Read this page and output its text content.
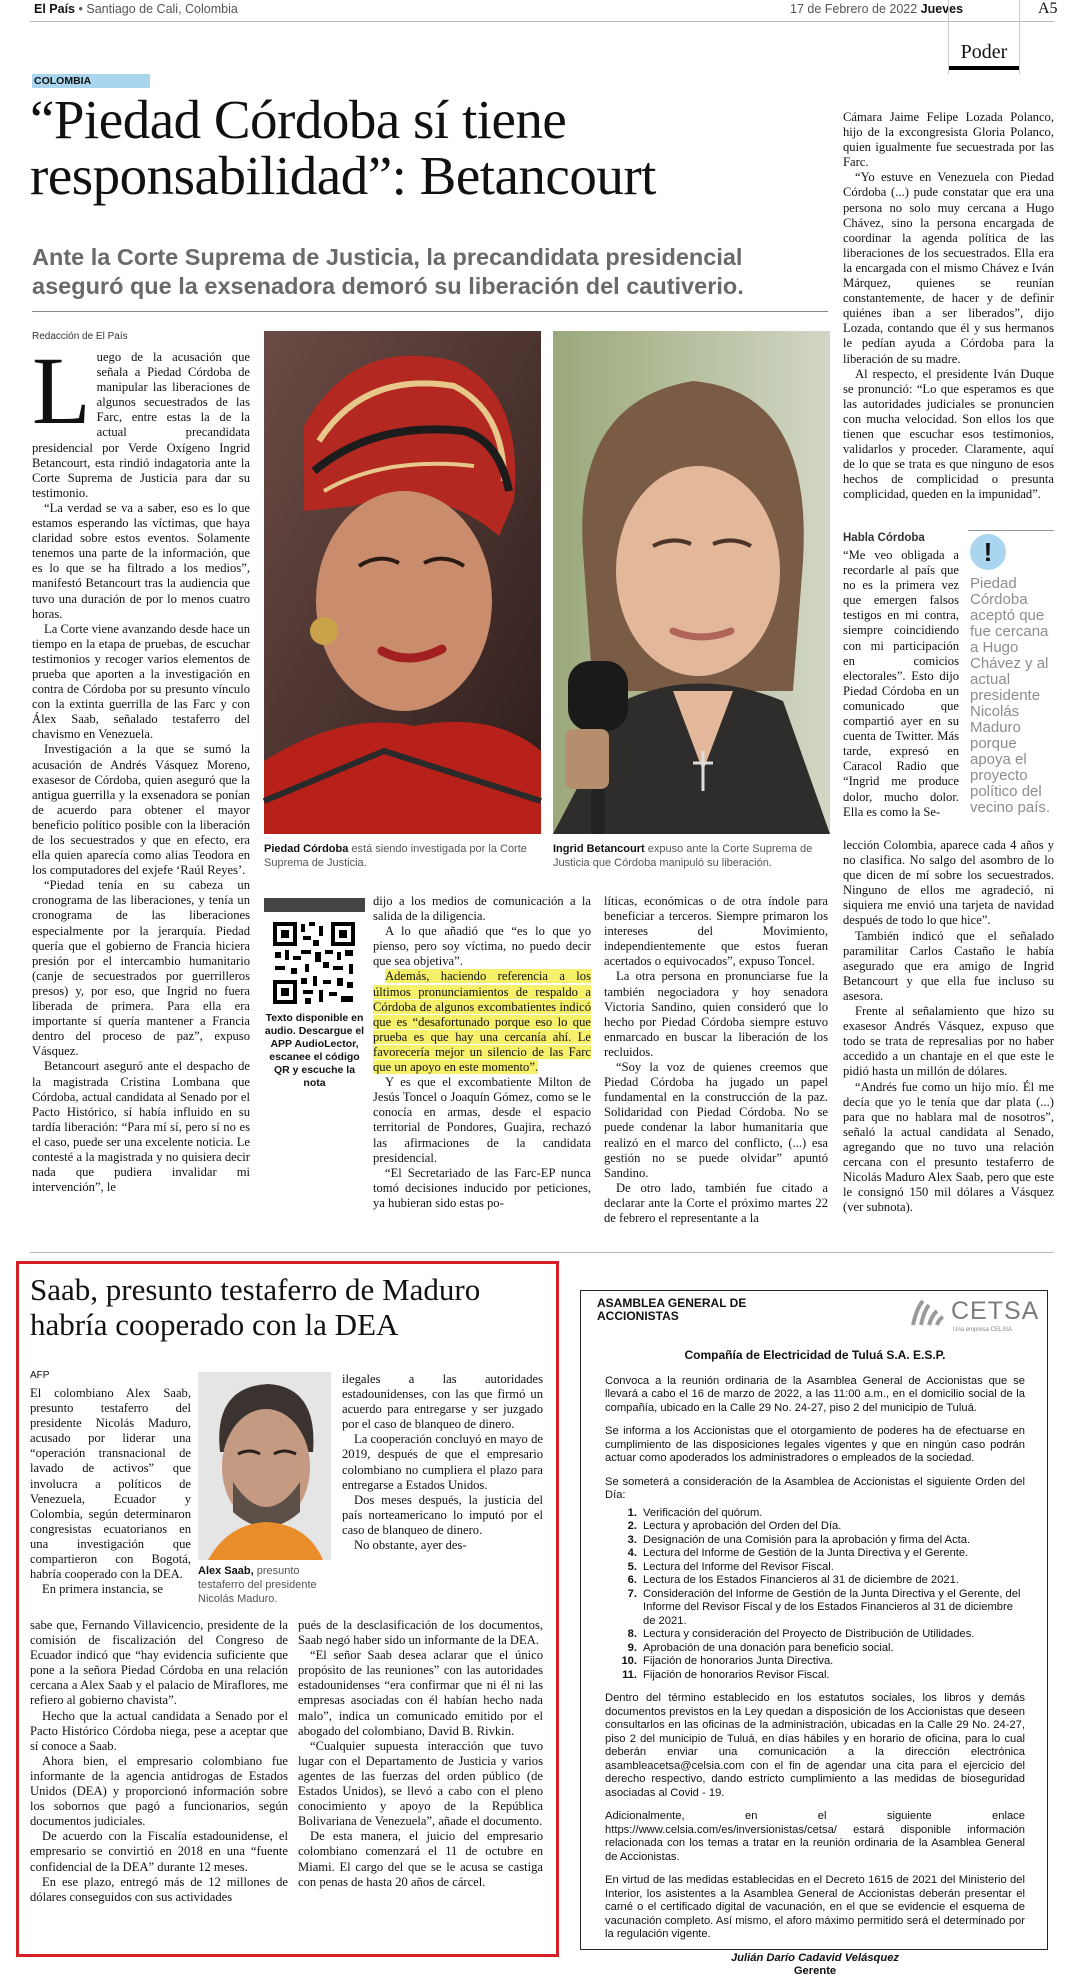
El País • Santiago de Cali, Colombia	17 de Febrero de 2022 Jueves	A5
Poder
COLOMBIA
“Piedad Córdoba sí tiene responsabilidad”: Betancourt
Ante la Corte Suprema de Justicia, la precandidata presidencial aseguró que la exsenadora demoró su liberación del cautiverio.
Redacción de El País

Luego de la acusación que señala a Piedad Córdoba de manipular las liberaciones de algunos secuestrados de las Farc, entre estas la de la actual precandidata presidencial por Verde Oxígeno Ingrid Betancourt, esta rindió indagatoria ante la Corte Suprema de Justicia para dar su testimonio.

“La verdad se va a saber, eso es lo que estamos esperando las víctimas, que haya claridad sobre estos eventos. Solamente tenemos una parte de la información, que es lo que se ha filtrado a los medios”, manifestó Betancourt tras la audiencia que tuvo una duración de por lo menos cuatro horas.

La Corte viene avanzando desde hace un tiempo en la etapa de pruebas, de escuchar testimonios y recoger varios elementos de prueba que aporten a la investigación en contra de Córdoba por su presunto vínculo con la extinta guerrilla de las Farc y con Álex Saab, señalado testaferro del chavismo en Venezuela.

Investigación a la que se sumó la acusación de Andrés Vásquez Moreno, exasesor de Córdoba, quien aseguró que la antigua guerrilla y la exsenadora se ponían de acuerdo para obtener el mayor beneficio político posible con la liberación de los secuestrados y que en efecto, era ella quien aparecía como alias Teodora en los computadores del exjefe ‘Raúl Reyes’.

“Piedad tenía en su cabeza un cronograma de las liberaciones, y tenía un cronograma de las liberaciones especialmente por la jerarquía. Piedad quería que el gobierno de Francia hiciera presión por el intercambio humanitario (canje de secuestrados por guerrilleros presos) y, por eso, que Ingrid no fuera liberada de primera. Para ella era importante sí quería mantener a Francia dentro del proceso de paz”, expuso Vásquez.

Betancourt aseguró ante el despacho de la magistrada Cristina Lombana que Córdoba, actual candidata al Senado por el Pacto Histórico, sí había influido en su tardía liberación: “Para mí sí, pero sí no es el caso, puede ser una excelente noticia. Le contesté a la magistrada y no quisiera decir nada que pudiera invalidar mi intervención”, le

Piedad Córdoba está siendo investigada por la Corte Suprema de Justicia.
Ingrid Betancourt expuso ante la Corte Suprema de Justicia que Córdoba manipuló su liberación.
Texto disponible en audio. Descargue el APP AudioLector, escanee el código QR y escuche la nota

dijo a los medios de comunicación a la salida de la diligencia.

A lo que añadió que “es lo que yo pienso, pero soy víctima, no puedo decir que sea objetiva”.

Además, haciendo referencia a los últimos pronunciamientos de respaldo a Córdoba de algunos excombatientes indicó que es “desafortunado porque eso lo que prueba es que hay una cercanía ahí. Le favorecería mejor un silencio de las Farc que un apoyo en este momento”.

Y es que el excombatiente Milton de Jesús Toncel o Joaquín Gómez, como se le conocía en armas, desde el espacio territorial de Pondores, Guajira, rechazó las afirmaciones de la candidata presidencial.

“El Secretariado de las Farc-EP nunca tomó decisiones inducido por peticiones, ya hubieran sido estas po-

líticas, económicas o de otra índole para beneficiar a terceros. Siempre primaron los intereses del Movimiento, independientemente que estos fueran acertados o equivocados”, expuso Toncel.

La otra persona en pronunciarse fue la también negociadora y hoy senadora Victoria Sandino, quien consideró que lo hecho por Piedad Córdoba siempre estuvo enmarcado en buscar la liberación de los recluidos.

“Soy la voz de quienes creemos que Piedad Córdoba ha jugado un papel fundamental en la construcción de la paz. Solidaridad con Piedad Córdoba. No se puede condenar la labor humanitaria que realizó en el marco del conflicto, (...) esa gestión no se puede olvidar” apuntó Sandino.

De otro lado, también fue citado a declarar ante la Corte el próximo martes 22 de febrero el representante a la

Cámara Jaime Felipe Lozada Polanco, hijo de la excongresista Gloria Polanco, quien igualmente fue secuestrada por las Farc.

“Yo estuve en Venezuela con Piedad Córdoba (...) pude constatar que era una persona no solo muy cercana a Hugo Chávez, sino la persona encargada de coordinar la agenda política de las liberaciones de los secuestrados. Ella era la encargada con el mismo Chávez e Iván Márquez, quienes se reunían constantemente, de hacer y de definir quiénes iban a ser liberados”, dijo Lozada, contando que él y sus hermanos le pedían ayuda a Córdoba para la liberación de su madre.

Al respecto, el presidente Iván Duque se pronunció: “Lo que esperamos es que las autoridades judiciales se pronuncien con mucha velocidad. Son ellos los que tienen que escuchar esos testimonios, validarlos y proceder. Claramente, aquí de lo que se trata es que ninguno de esos hechos de complicidad o presunta complicidad, queden en la impunidad”.

Habla Córdoba

“Me veo obligada a recordarle al país que no es la primera vez que emergen falsos testigos en mi contra, siempre coincidiendo con mi participación en comicios electorales”. Esto dijo Piedad Córdoba en un comunicado que compartió ayer en su cuenta de Twitter. Más tarde, expresó en Caracol Radio que “Ingrid me produce dolor, mucho dolor. Ella es como la Se-

!
Piedad Córdoba aceptó que fue cercana a Hugo Chávez y al actual presidente Nicolás Maduro porque apoya el proyecto político del vecino país.

lección Colombia, aparece cada 4 años y no clasifica. No salgo del asombro de lo que dicen de mí sobre los secuestrados. Ninguno de ellos me agradeció, ni siquiera me envió una tarjeta de navidad después de todo lo que hice”.

También indicó que el señalado paramilitar Carlos Castaño le había asegurado que era amigo de Ingrid Betancourt y que ella fue incluso su asesora.

Frente al señalamiento que hizo su exasesor Andrés Vásquez, expuso que todo se trata de represalias por no haber accedido a un chantaje en el que este le pidió hasta un millón de dólares.

“Andrés fue como un hijo mío. Él me decía que yo le tenía que dar plata (...) para que no hablara mal de nosotros”, señaló la actual candidata al Senado, agregando que no tuvo una relación cercana con el presunto testaferro de Nicolás Maduro Alex Saab, pero que este le consignó 150 mil dólares a Vásquez (ver subnota).

Saab, presunto testaferro de Maduro habría cooperado con la DEA
AFP

El colombiano Alex Saab, presunto testaferro del presidente Nicolás Maduro, acusado por liderar una “operación transnacional de lavado de activos” que involucra a políticos de Venezuela, Ecuador y Colombia, según determinaron congresistas ecuatorianos en una investigación que compartieron con Bogotá, habría cooperado con la DEA.

En primera instancia, se

Alex Saab, presunto testaferro del presidente Nicolás Maduro.

sabe que, Fernando Villavicencio, presidente de la comisión de fiscalización del Congreso de Ecuador indicó que “hay evidencia suficiente que pone a la señora Piedad Córdoba en una relación cercana a Alex Saab y el palacio de Miraflores, me refiero al gobierno chavista”.

Hecho que la actual candidata a Senado por el Pacto Histórico Córdoba niega, pese a aceptar que sí conoce a Saab.

Ahora bien, el empresario colombiano fue informante de la agencia antidrogas de Estados Unidos (DEA) y proporcionó información sobre los sobornos que pagó a funcionarios, según documentos judiciales.

De acuerdo con la Fiscalía estadounidense, el empresario se convirtió en 2018 en una “fuente confidencial de la DEA” durante 12 meses.

En ese plazo, entregó más de 12 millones de dólares conseguidos con sus actividades

ilegales a las autoridades estadounidenses, con las que firmó un acuerdo para entregarse y ser juzgado por el caso de blanqueo de dinero.

La cooperación concluyó en mayo de 2019, después de que el empresario colombiano no cumpliera el plazo para entregarse a Estados Unidos.

Dos meses después, la justicia del país norteamericano lo imputó por el caso de blanqueo de dinero.

No obstante, ayer des-

pués de la desclasificación de los documentos, Saab negó haber sido un informante de la DEA.

“El señor Saab desea aclarar que el único propósito de las reuniones” con las autoridades estadounidenses “era confirmar que ni él ni las empresas asociadas con él habían hecho nada malo”, indica un comunicado emitido por el abogado del colombiano, David B. Rivkin.

“Cualquier supuesta interacción que tuvo lugar con el Departamento de Justicia y varios agentes de las fuerzas del orden público (de Estados Unidos), se llevó a cabo con el pleno conocimiento y apoyo de la República Bolivariana de Venezuela”, añade el documento.

De esta manera, el juicio del empresario colombiano comenzará el 11 de octubre en Miami. El cargo del que se le acusa se castiga con penas de hasta 20 años de cárcel.

ASAMBLEA GENERAL DE ACCIONISTAS	CETSA
Una empresa CELSIA

Compañía de Electricidad de Tuluá S.A. E.S.P.

Convoca a la reunión ordinaria de la Asamblea General de Accionistas que se llevará a cabo el 16 de marzo de 2022, a las 11:00 a.m., en el domicilio social de la compañía, ubicado en la Calle 29 No. 24-27, piso 2 del municipio de Tuluá.

Se informa a los Accionistas que el otorgamiento de poderes ha de efectuarse en cumplimiento de las disposiciones legales vigentes y que en ningún caso podrán actuar como apoderados los administradores o empleados de la sociedad.

Se someterá a consideración de la Asamblea de Accionistas el siguiente Orden del Día:

1. Verificación del quórum.
2. Lectura y aprobación del Orden del Día.
3. Designación de una Comisión para la aprobación y firma del Acta.
4. Lectura del Informe de Gestión de la Junta Directiva y el Gerente.
5. Lectura del Informe del Revisor Fiscal.
6. Lectura de los Estados Financieros al 31 de diciembre de 2021.
7. Consideración del Informe de Gestión de la Junta Directiva y el Gerente, del Informe del Revisor Fiscal y de los Estados Financieros al 31 de diciembre de 2021.
8. Lectura y consideración del Proyecto de Distribución de Utilidades.
9. Aprobación de una donación para beneficio social.
10. Fijación de honorarios Junta Directiva.
11. Fijación de honorarios Revisor Fiscal.

Dentro del término establecido en los estatutos sociales, los libros y demás documentos previstos en la Ley quedan a disposición de los Accionistas que deseen consultarlos en las oficinas de la administración, ubicadas en la Calle 29 No. 24-27, piso 2 del municipio de Tuluá, en días hábiles y en horario de oficina, para lo cual deberán enviar una comunicación a la dirección electrónica asambleacetsa@celsia.com con el fin de agendar una cita para el ejercicio del derecho respectivo, dando estricto cumplimiento a las medidas de bioseguridad asociadas al Covid - 19.

Adicionalmente, en el siguiente enlace https://www.celsia.com/es/inversionistas/cetsa/ estará disponible información relacionada con los temas a tratar en la reunión ordinaria de la Asamblea General de Accionistas.

En virtud de las medidas establecidas en el Decreto 1615 de 2021 del Ministerio del Interior, los asistentes a la Asamblea General de Accionistas deberán presentar el carné o el certificado digital de vacunación, en el que se evidencie el esquema de vacunación completo. Así mismo, el aforo máximo permitido será el determinado por la regulación vigente.

Julián Darío Cadavid Velásquez

Gerente
